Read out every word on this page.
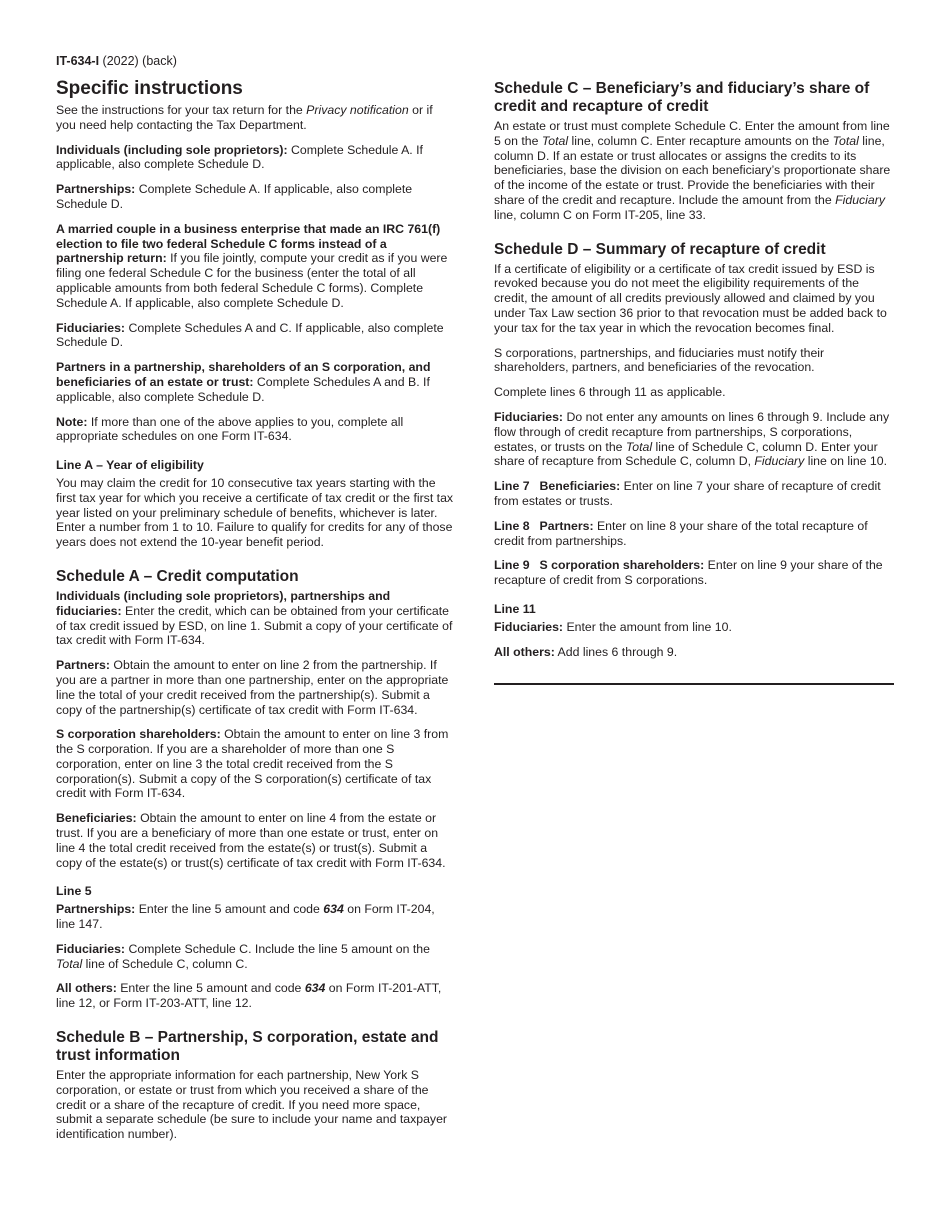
IT-634-I (2022) (back)
Specific instructions

See the instructions for your tax return for the Privacy notification or if you need help contacting the Tax Department.

Individuals (including sole proprietors): Complete Schedule A. If applicable, also complete Schedule D.

Partnerships: Complete Schedule A. If applicable, also complete Schedule D.

A married couple in a business enterprise that made an IRC 761(f) election to file two federal Schedule C forms instead of a partnership return: If you file jointly, compute your credit as if you were filing one federal Schedule C for the business (enter the total of all applicable amounts from both federal Schedule C forms). Complete Schedule A. If applicable, also complete Schedule D.

Fiduciaries: Complete Schedules A and C. If applicable, also complete Schedule D.

Partners in a partnership, shareholders of an S corporation, and beneficiaries of an estate or trust: Complete Schedules A and B. If applicable, also complete Schedule D.

Note: If more than one of the above applies to you, complete all appropriate schedules on one Form IT-634.

Line A – Year of eligibility

You may claim the credit for 10 consecutive tax years starting with the first tax year for which you receive a certificate of tax credit or the first tax year listed on your preliminary schedule of benefits, whichever is later. Enter a number from 1 to 10. Failure to qualify for credits for any of those years does not extend the 10-year benefit period.

Schedule A – Credit computation

Individuals (including sole proprietors), partnerships and fiduciaries: Enter the credit, which can be obtained from your certificate of tax credit issued by ESD, on line 1. Submit a copy of your certificate of tax credit with Form IT-634.

Partners: Obtain the amount to enter on line 2 from the partnership. If you are a partner in more than one partnership, enter on the appropriate line the total of your credit received from the partnership(s). Submit a copy of the partnership(s) certificate of tax credit with Form IT-634.

S corporation shareholders: Obtain the amount to enter on line 3 from the S corporation. If you are a shareholder of more than one S corporation, enter on line 3 the total credit received from the S corporation(s). Submit a copy of the S corporation(s) certificate of tax credit with Form IT-634.

Beneficiaries: Obtain the amount to enter on line 4 from the estate or trust. If you are a beneficiary of more than one estate or trust, enter on line 4 the total credit received from the estate(s) or trust(s). Submit a copy of the estate(s) or trust(s) certificate of tax credit with Form IT-634.

Line 5

Partnerships: Enter the line 5 amount and code 634 on Form IT-204, line 147.

Fiduciaries: Complete Schedule C. Include the line 5 amount on the Total line of Schedule C, column C.

All others: Enter the line 5 amount and code 634 on Form IT-201-ATT, line 12, or Form IT-203-ATT, line 12.

Schedule B – Partnership, S corporation, estate and trust information

Enter the appropriate information for each partnership, New York S corporation, or estate or trust from which you received a share of the credit or a share of the recapture of credit. If you need more space, submit a separate schedule (be sure to include your name and taxpayer identification number).

Schedule C – Beneficiary’s and fiduciary’s share of credit and recapture of credit

An estate or trust must complete Schedule C. Enter the amount from line 5 on the Total line, column C. Enter recapture amounts on the Total line, column D. If an estate or trust allocates or assigns the credits to its beneficiaries, base the division on each beneficiary’s proportionate share of the income of the estate or trust. Provide the beneficiaries with their share of the credit and recapture. Include the amount from the Fiduciary line, column C on Form IT-205, line 33.

Schedule D – Summary of recapture of credit

If a certificate of eligibility or a certificate of tax credit issued by ESD is revoked because you do not meet the eligibility requirements of the credit, the amount of all credits previously allowed and claimed by you under Tax Law section 36 prior to that revocation must be added back to your tax for the tax year in which the revocation becomes final.

S corporations, partnerships, and fiduciaries must notify their shareholders, partners, and beneficiaries of the revocation.

Complete lines 6 through 11 as applicable.

Fiduciaries: Do not enter any amounts on lines 6 through 9. Include any flow through of credit recapture from partnerships, S corporations, estates, or trusts on the Total line of Schedule C, column D. Enter your share of recapture from Schedule C, column D, Fiduciary line on line 10.

Line 7 Beneficiaries: Enter on line 7 your share of recapture of credit from estates or trusts.

Line 8 Partners: Enter on line 8 your share of the total recapture of credit from partnerships.

Line 9 S corporation shareholders: Enter on line 9 your share of the recapture of credit from S corporations.

Line 11

Fiduciaries: Enter the amount from line 10.

All others: Add lines 6 through 9.
